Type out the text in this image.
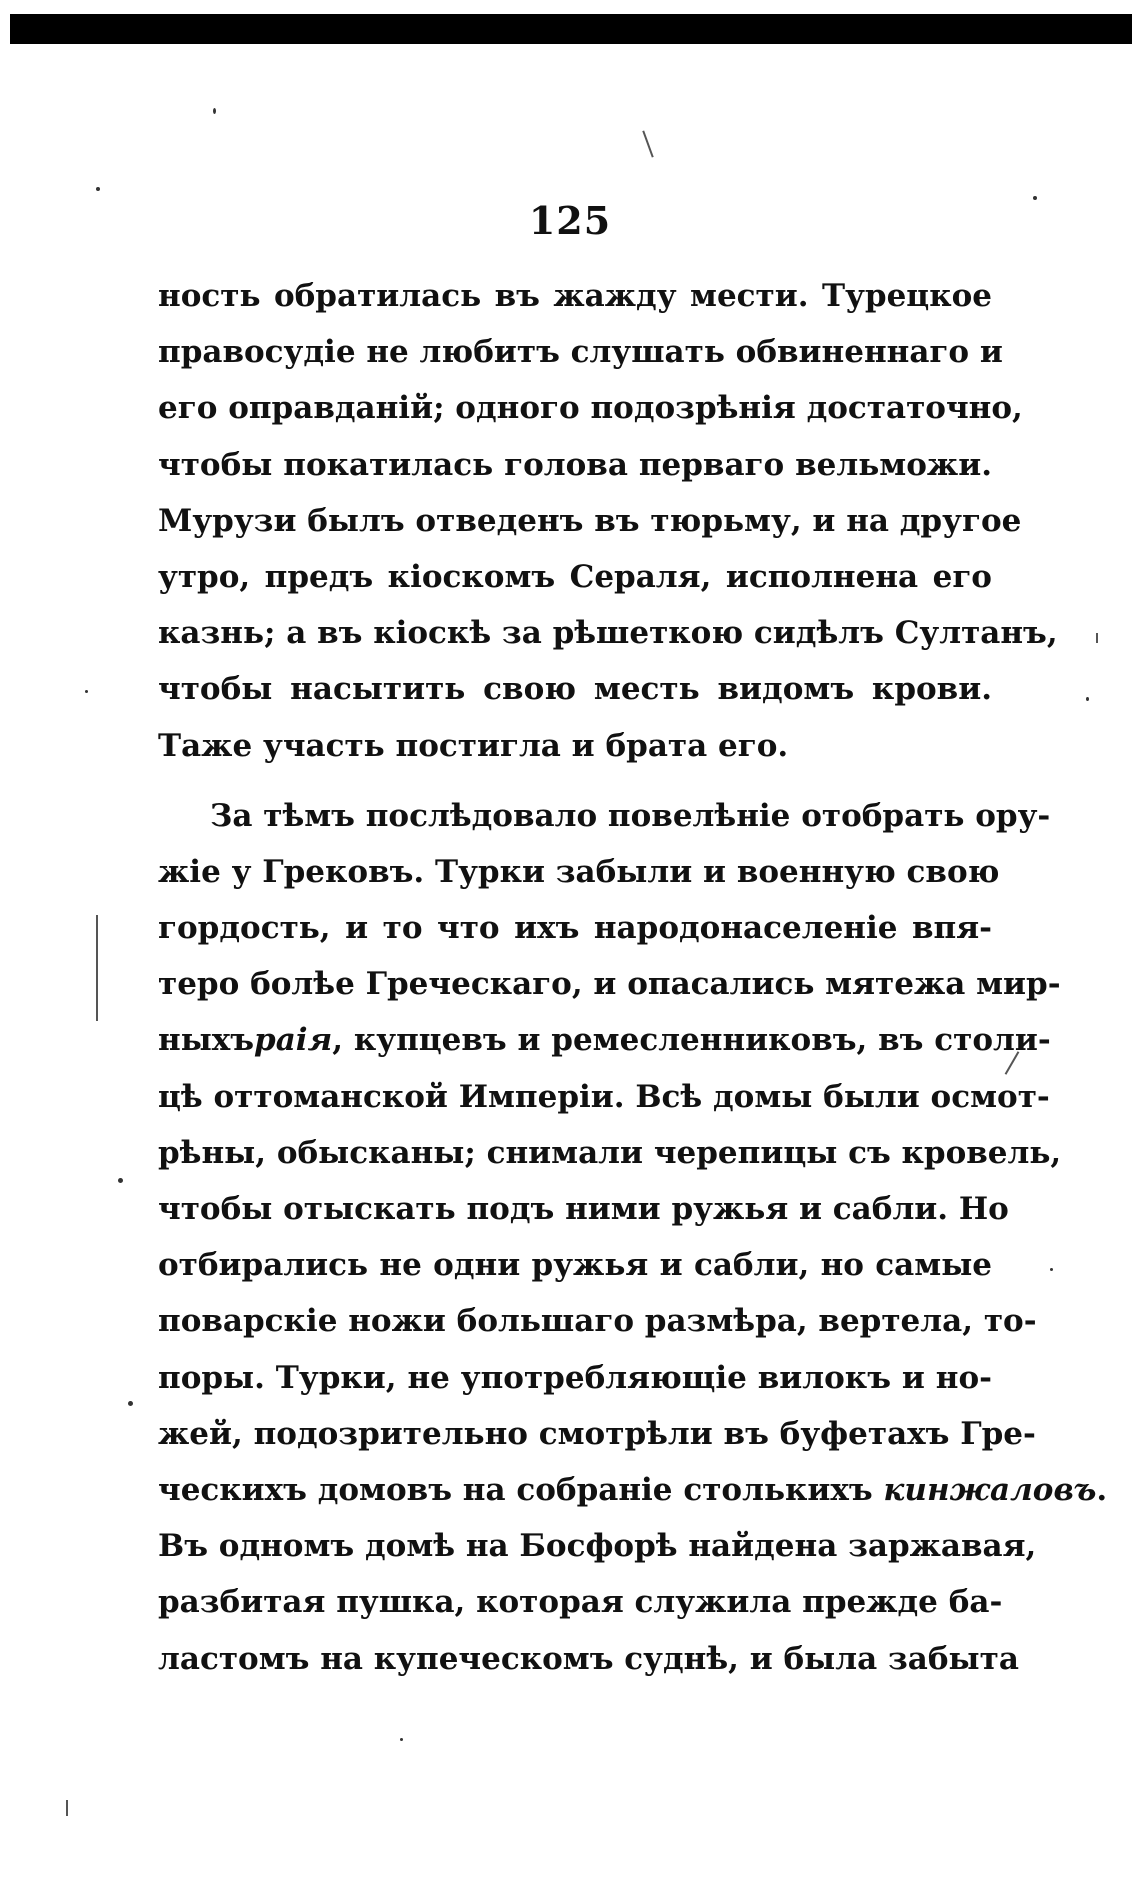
125
ность обратилась въ жажду мести. Турецкое
правосудіе не любитъ слушать обвиненнаго и
его оправданій; одного подозрѣнія достаточно,
чтобы покатилась голова перваго вельможи.
Мурузи былъ отведенъ въ тюрьму, и на другое
утро, предъ кіоскомъ Сераля, исполнена его
казнь; а въ кіоскѣ за рѣшеткою сидѣлъ Султанъ,
чтобы насытить свою месть видомъ крови.
Таже участь постигла и брата его.
За тѣмъ послѣдовало повелѣніе отобрать ору-
жіе у Грековъ. Турки забыли и военную свою
гордость, и то что ихъ народонаселеніе впя-
теро болѣе Греческаго, и опасались мятежа мир-
ныхъраія, купцевъ и ремесленниковъ, въ столи-
цѣ оттоманской Имперіи. Всѣ домы были осмот-
рѣны, обысканы; снимали черепицы съ кровель,
чтобы отыскать подъ ними ружья и сабли. Но
отбирались не одни ружья и сабли, но самые
поварскіе ножи большаго размѣра, вертела, то-
поры. Турки, не употребляющіе вилокъ и но-
жей, подозрительно смотрѣли въ буфетахъ Гре-
ческихъ домовъ на собраніе столькихъ кинжаловъ.
Въ одномъ домѣ на Босфорѣ найдена заржавая,
разбитая пушка, которая служила прежде ба-
ластомъ на купеческомъ суднѣ, и была забыта
